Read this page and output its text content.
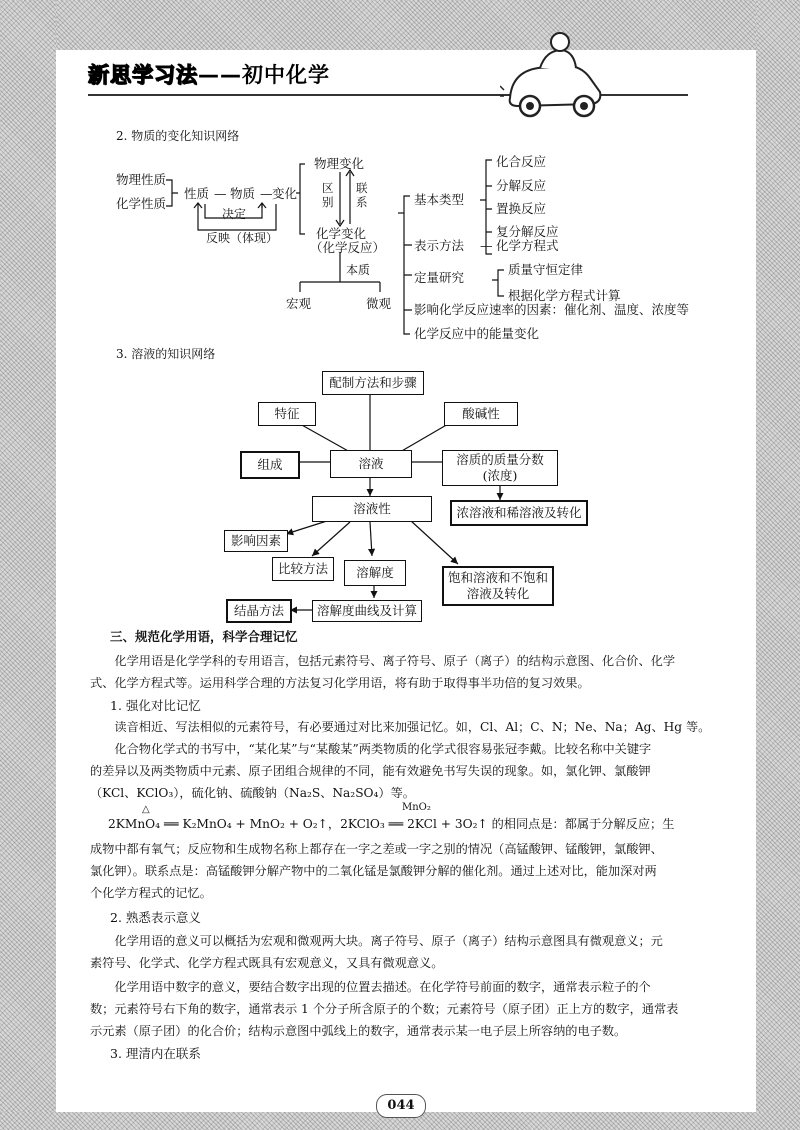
新思学习法——初中化学
2. 物质的变化知识网络
物理性质
化学性质
性质 — 物质 — 变化
决定
反映（体现）
物理变化
区
别
联
系
化学变化
（化学反应）
本质
宏观	微观
基本类型
化合反应
分解反应
置换反应
复分解反应
表示方法 — 化学方程式
定量研究
质量守恒定律
根据化学方程式计算
影响化学反应速率的因素：催化剂、温度、浓度等
化学反应中的能量变化
3. 溶液的知识网络
配制方法和步骤
特征	酸碱性
组成	溶液	溶质的质量分数
(浓度)
浓溶液和稀溶液及转化
溶液性
影响因素
比较方法	溶解度	饱和溶液和不饱和
溶液及转化
结晶方法	溶解度曲线及计算
三、规范化学用语，科学合理记忆
化学用语是化学学科的专用语言，包括元素符号、离子符号、原子（离子）的结构示意图、化合价、化学
式、化学方程式等。运用科学合理的方法复习化学用语，将有助于取得事半功倍的复习效果。
1. 强化对比记忆
读音相近、写法相似的元素符号，有必要通过对比来加强记忆。如，Cl、Al；C、N；Ne、Na；Ag、Hg 等。
化合物化学式的书写中，“某化某”与“某酸某”两类物质的化学式很容易张冠李戴。比较名称中关键字
的差异以及两类物质中元素、原子团组合规律的不同，能有效避免书写失误的现象。如，氯化钾、氯酸钾
（KCl、KClO₃），硫化钠、硫酸钠（Na₂S、Na₂SO₄）等。
△	MnO₂
2KMnO₄ ══ K₂MnO₄ + MnO₂ + O₂↑，2KClO₃ ══ 2KCl + 3O₂↑ 的相同点是：都属于分解反应；生
成物中都有氧气；反应物和生成物名称上都存在一字之差或一字之别的情况（高锰酸钾、锰酸钾，氯酸钾、
氯化钾）。联系点是：高锰酸钾分解产物中的二氧化锰是氯酸钾分解的催化剂。通过上述对比，能加深对两
个化学方程式的记忆。
2. 熟悉表示意义
化学用语的意义可以概括为宏观和微观两大块。离子符号、原子（离子）结构示意图具有微观意义；元
素符号、化学式、化学方程式既具有宏观意义，又具有微观意义。
化学用语中数字的意义，要结合数字出现的位置去描述。在化学符号前面的数字，通常表示粒子的个
数；元素符号右下角的数字，通常表示 1 个分子所含原子的个数；元素符号（原子团）正上方的数字，通常表
示元素（原子团）的化合价；结构示意图中弧线上的数字，通常表示某一电子层上所容纳的电子数。
3. 理清内在联系
044
